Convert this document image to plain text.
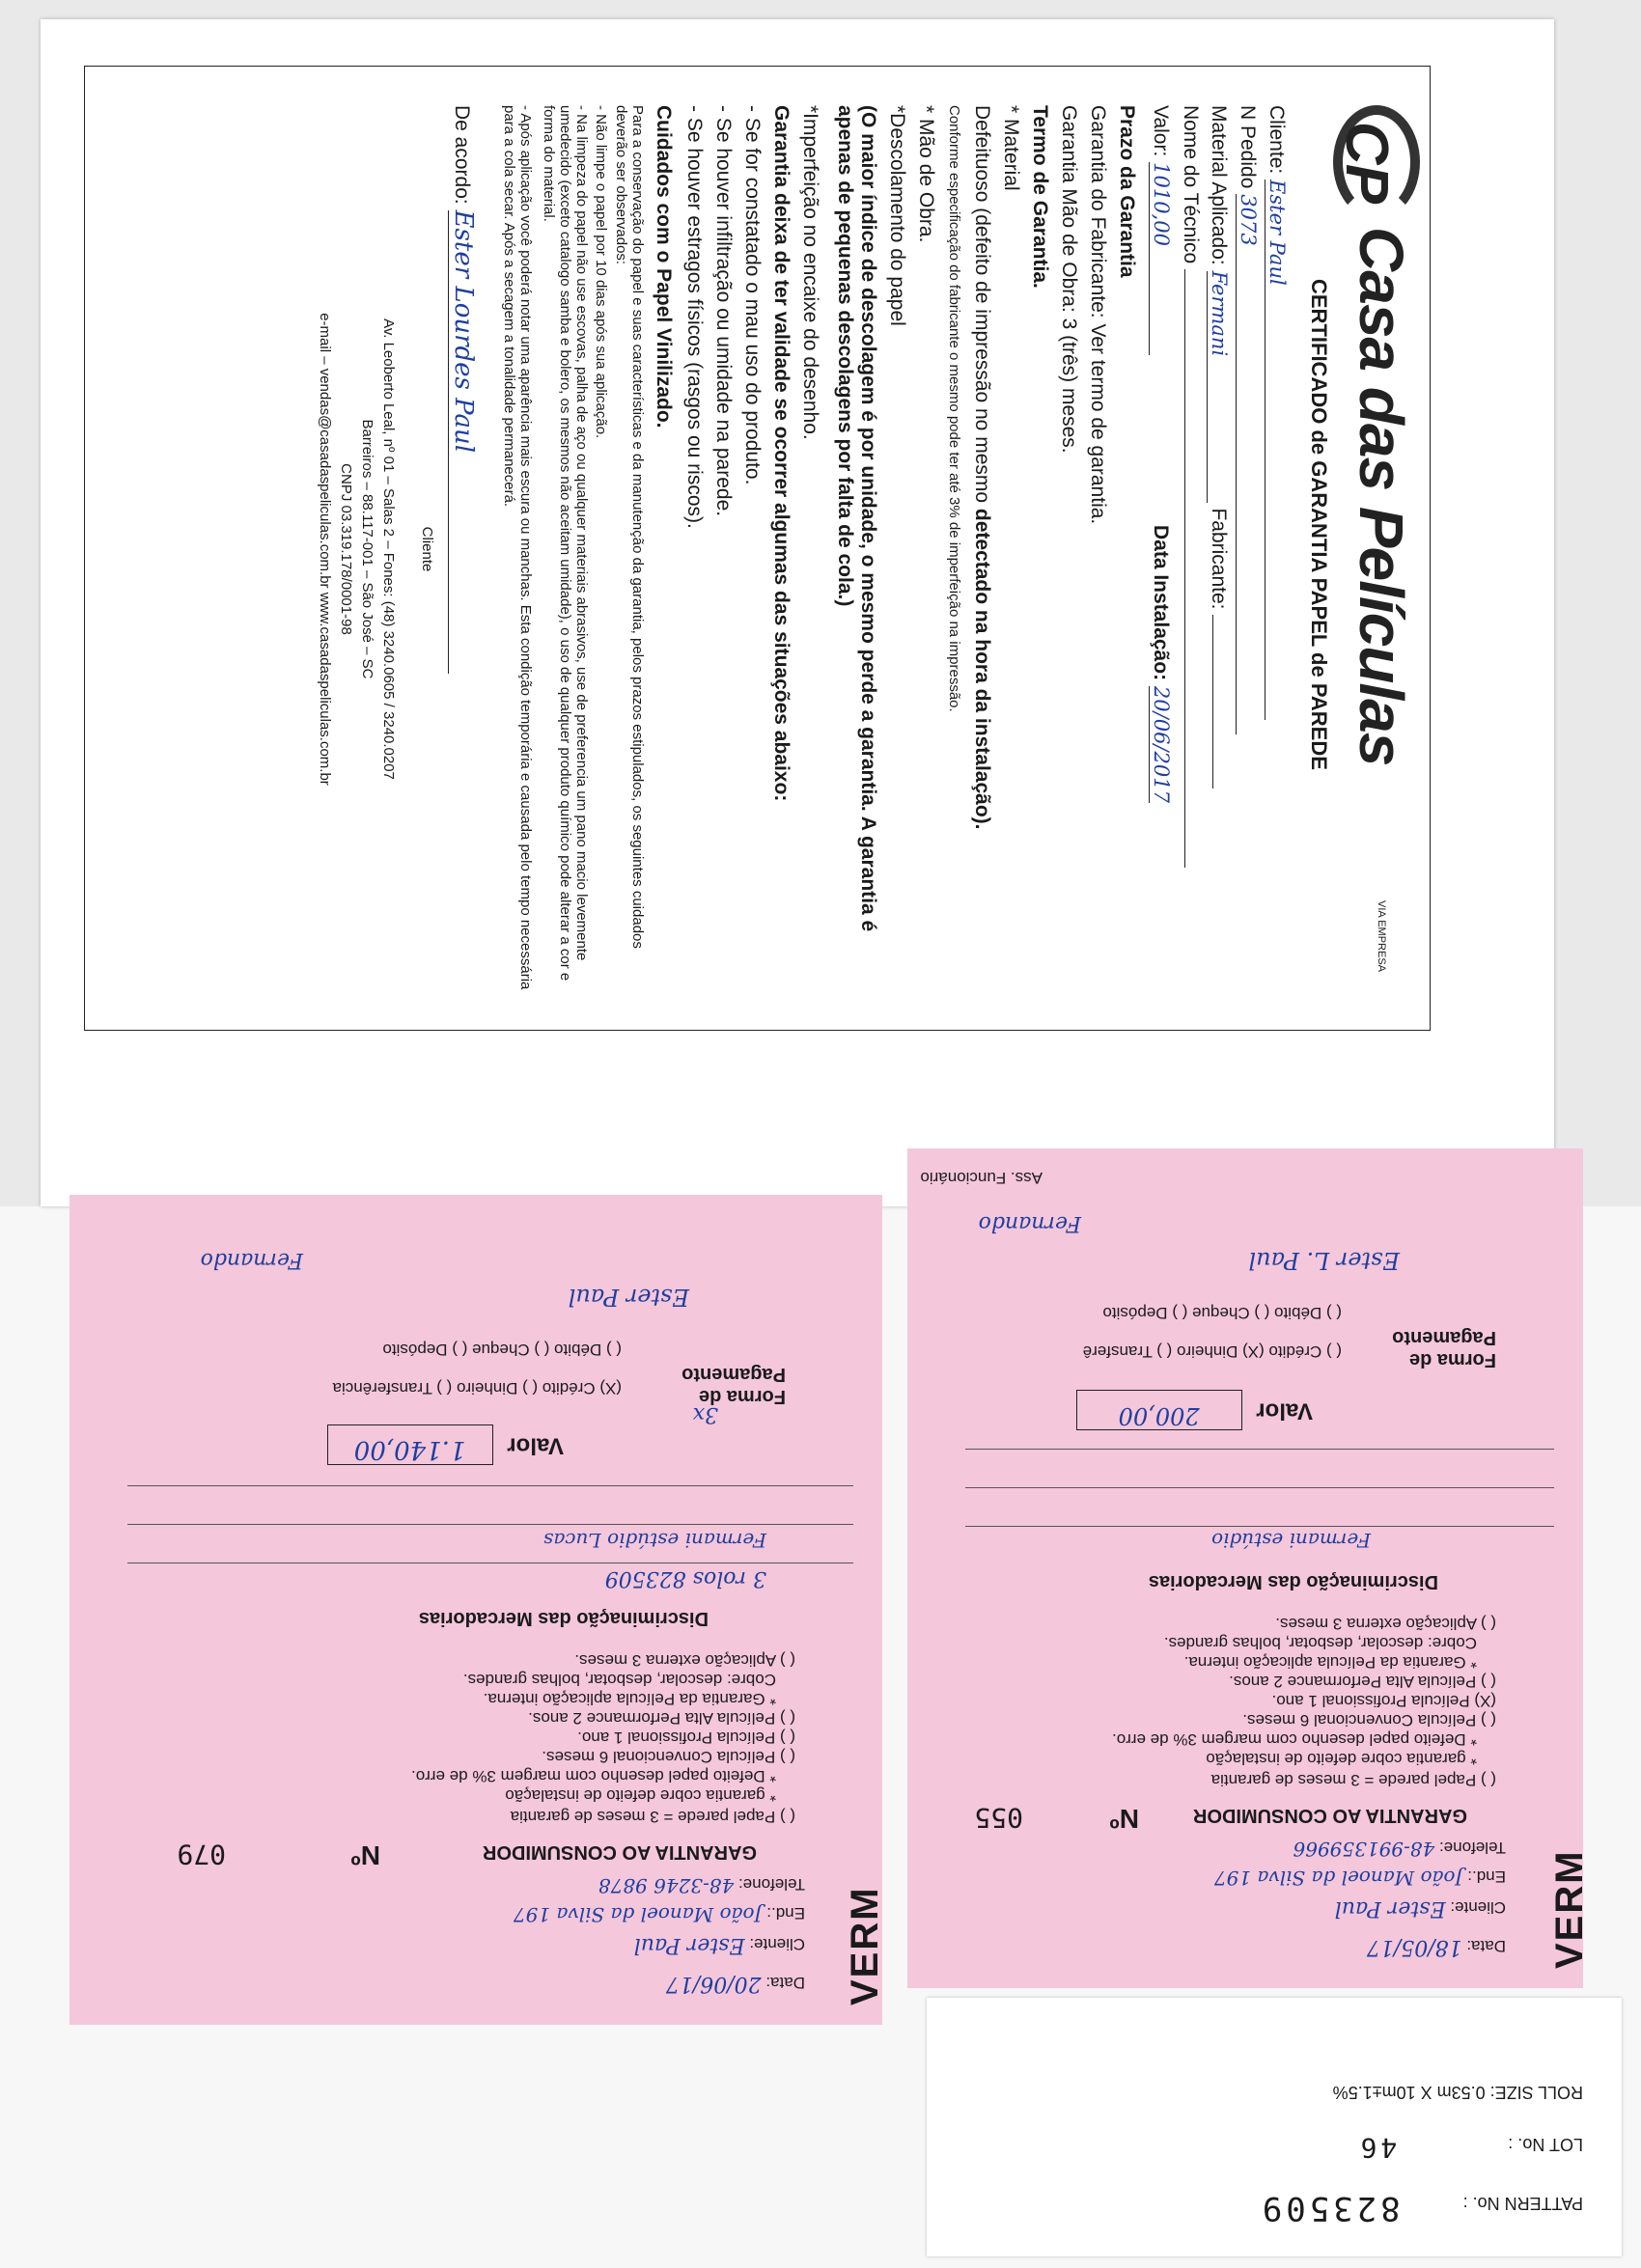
CPCasa das Películas
VIA EMPRESA
CERTIFICADO de GARANTIA PAPEL de PAREDE
Cliente: Ester Paul
N Pedido 3073
Material Aplicado: Fermani Fabricante:
Nome do Técnico
Valor: 1010,00 Data Instalação: 20/06/2017
Prazo da Garantia
Garantia do Fabricante: Ver termo de garantia.
Garantia Mão de Obra: 3 (três) meses.
Termo de Garantia.
* Material
Defeituoso (defeito de impressão no mesmo detectado na hora da instalação).
Conforme especificação do fabricante o mesmo pode ter até 3% de imperfeição na impressão.
* Mão de Obra.
*Descolamento do papel
(O maior índice de descolagem é por unidade, o mesmo perde a garantia. A garantia é apenas de pequenas descolagens por falta de cola.)
*Imperfeição no encaixe do desenho.
Garantia deixa de ter validade se ocorrer algumas das situações abaixo:
- Se for constatado o mau uso do produto.
- Se houver infiltração ou umidade na parede.
- Se houver estragos físicos (rasgos ou riscos).
Cuidados com o Papel Vinilizado.
Para a conservação do papel e suas características e da manutenção da garantia, pelos prazos estipulados, os seguintes cuidados deverão ser observados:
- Não limpe o papel por 10 dias após sua aplicação.
- Na limpeza do papel não use escovas, palha de aço ou qualquer materiais abrasivos, use de preferencia um pano macio levemente umedecido (exceto catalogo samba e bolero, os mesmos não aceitam umidade), o uso de qualquer produto químico pode alterar a cor e forma do material.
- Após aplicação você poderá notar uma aparência mais escura ou manchas. Esta condição temporária e causada pelo tempo necessária para a cola secar. Após a secagem a tonalidade permanecerá.
De acordo: Ester Lourdes Paul
Cliente
Av. Leoberto Leal, nº 01 – Salas 2 – Fones: (48) 3240.0605 / 3240.0207
Barreiros – 88.117-001 – São José – SC
CNPJ 03.319.178/0001-98
e-mail – vendas@casadaspeliculas.com.br www.casadaspeliculas.com.br
VERM
Data: 20/06/17
Cliente: Ester Paul
End.: João Manoel da Silva 197
Telefone: 48-3246 9878
GARANTIA AO CONSUMIDOR
Nº
079
( ) Papel parede = 3 meses de garantia
* garantia cobre defeito de instalação
* Defeito papel desenho com margem 3% de erro.
( ) Película Convencional 6 meses.
( ) Película Profissional 1 ano.
( ) Película Alta Performance 2 anos.
* Garantia da Película aplicação interna.
Cobre: descolar, desbotar, bolhas grandes.
( ) Aplicação externa 3 meses.
Discriminação das Mercadorias
3 rolos 823509
Fermani estúdio Lucas
Valor 1.140,00
Forma de Pagamento
3x
(X) Crédito ( ) Dinheiro ( ) Transferência
( ) Débito ( ) Cheque ( ) Depósito
Ester Paul
Fernando
VERM
Data: 18/05/17
Cliente: Ester Paul
End.: João Manoel da Silva 197
Telefone: 48-991359966
GARANTIA AO CONSUMIDOR
Nº
055
( ) Papel parede = 3 meses de garantia
* garantia cobre defeito de instalação
* Defeito papel desenho com margem 3% de erro.
( ) Película Convencional 6 meses.
(X) Película Profissional 1 ano.
( ) Película Alta Performance 2 anos.
* Garantia da Película aplicação interna.
Cobre: descolar, desbotar, bolhas grandes.
( ) Aplicação externa 3 meses.
Discriminação das Mercadorias
Fermani estúdio
Valor 200,00
Forma de Pagamento
( ) Crédito (X) Dinheiro ( ) Transferê
( ) Débito ( ) Cheque ( ) Depósito
Ester L. Paul
Fernando
Ass. Funcionário
PATTERN No. : 823509
LOT No. : 46
ROLL SIZE: 0.53m X 10m±1.5%
